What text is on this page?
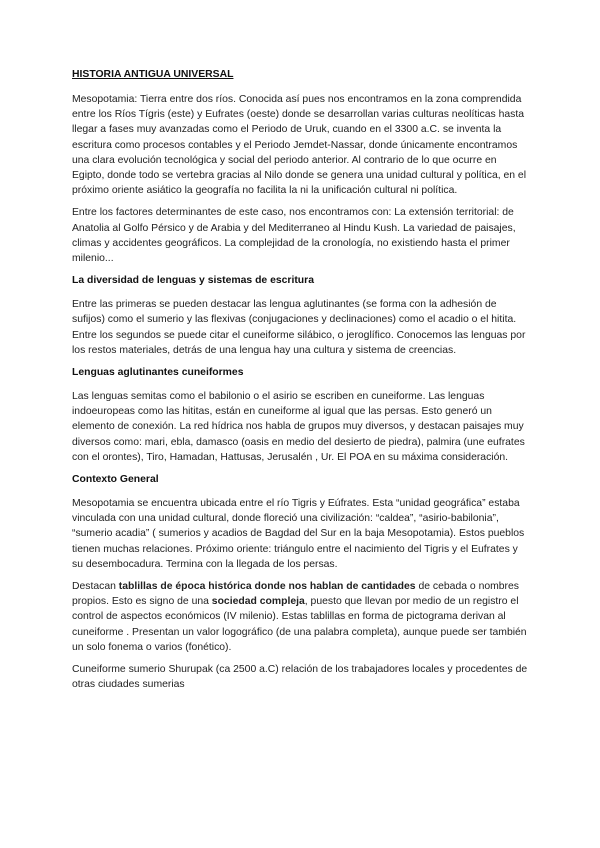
HISTORIA ANTIGUA UNIVERSAL

Mesopotamia: Tierra entre dos ríos. Conocida así pues nos encontramos en la zona comprendida entre los Ríos Tígris (este) y Eufrates (oeste) donde se desarrollan varias culturas neolíticas hasta llegar a fases muy avanzadas como el Periodo de Uruk, cuando en el 3300 a.C. se inventa la escritura como procesos contables y el Periodo Jemdet-Nassar, donde únicamente encontramos una clara evolución tecnológica y social del periodo anterior. Al contrario de lo que ocurre en Egipto, donde todo se vertebra gracias al Nilo donde se genera una unidad cultural y política, en el próximo oriente asiático la geografía no facilita la ni la unificación cultural ni política.

Entre los factores determinantes de este caso, nos encontramos con: La extensión territorial: de Anatolia al Golfo Pérsico y de Arabia y del Mediterraneo al Hindu Kush. La variedad de paisajes, climas y accidentes geográficos. La complejidad de la cronología, no existiendo hasta el primer milenio...

La diversidad de lenguas y sistemas de escritura

Entre las primeras se pueden destacar las lengua aglutinantes (se forma con la adhesión de sufijos) como el sumerio y las flexivas (conjugaciones y declinaciones) como el acadio o el hitita. Entre los segundos se puede citar el cuneiforme silábico, o jeroglífico. Conocemos las lenguas por los restos materiales, detrás de una lengua hay una cultura y sistema de creencias.

Lenguas aglutinantes cuneiformes

Las lenguas semitas como el babilonio o el asirio se escriben en cuneiforme. Las lenguas indoeuropeas como las hititas, están en cuneiforme al igual que las persas. Esto generó un elemento de conexión. La red hídrica nos habla de grupos muy diversos, y destacan paisajes muy diversos como: mari, ebla, damasco (oasis en medio del desierto de piedra), palmira (une eufrates con el orontes), Tiro, Hamadan, Hattusas, Jerusalén , Ur. El POA en su máxima consideración.

Contexto General

Mesopotamia se encuentra ubicada entre el río Tigris y Eúfrates. Esta “unidad geográfica” estaba vinculada con una unidad cultural, donde floreció una civilización: “caldea”, “asirio-babilonia”, “sumerio acadia” ( sumerios y acadios de Bagdad del Sur en la baja Mesopotamia). Estos pueblos tienen muchas relaciones. Próximo oriente: triángulo entre el nacimiento del Tigris y el Eufrates y su desembocadura. Termina con la llegada de los persas.

Destacan tablillas de época histórica donde nos hablan de cantidades de cebada o nombres propios. Esto es signo de una sociedad compleja, puesto que llevan por medio de un registro el control de aspectos económicos (IV milenio). Estas tablillas en forma de pictograma derivan al cuneiforme . Presentan un valor logográfico (de una palabra completa), aunque puede ser también un solo fonema o varios (fonético).

Cuneiforme sumerio Shurupak (ca 2500 a.C) relación de los trabajadores locales y procedentes de otras ciudades sumerias
